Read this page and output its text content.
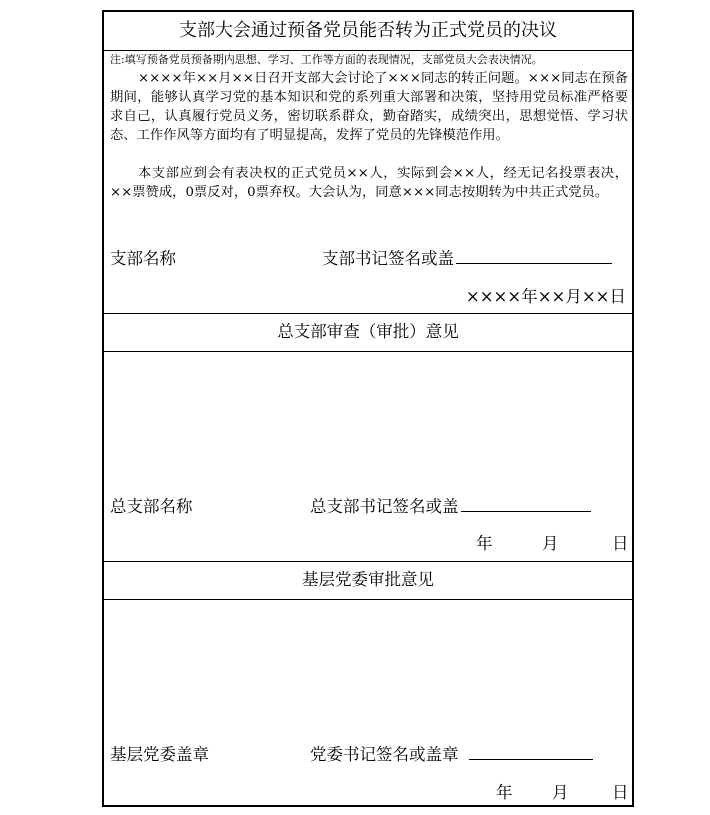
支部大会通过预备党员能否转为正式党员的决议
注:填写预备党员预备期内思想、学习、工作等方面的表现情况，支部党员大会表决情况。
××××年××月××日召开支部大会讨论了×××同志的转正问题。×××同志在预备期间，能够认真学习党的基本知识和党的系列重大部署和决策，坚持用党员标准严格要求自己，认真履行党员义务，密切联系群众，勤奋踏实，成绩突出，思想觉悟、学习状态、工作作风等方面均有了明显提高，发挥了党员的先锋模范作用。
本支部应到会有表决权的正式党员××人，实际到会××人，经无记名投票表决，××票赞成，0票反对，0票弃权。大会认为，同意×××同志按期转为中共正式党员。
支部名称	支部书记签名或盖
××××年××月××日
总支部审查（审批）意见
总支部名称	总支部书记签名或盖
年	月	日
基层党委审批意见
基层党委盖章	党委书记签名或盖章
年 月	日
